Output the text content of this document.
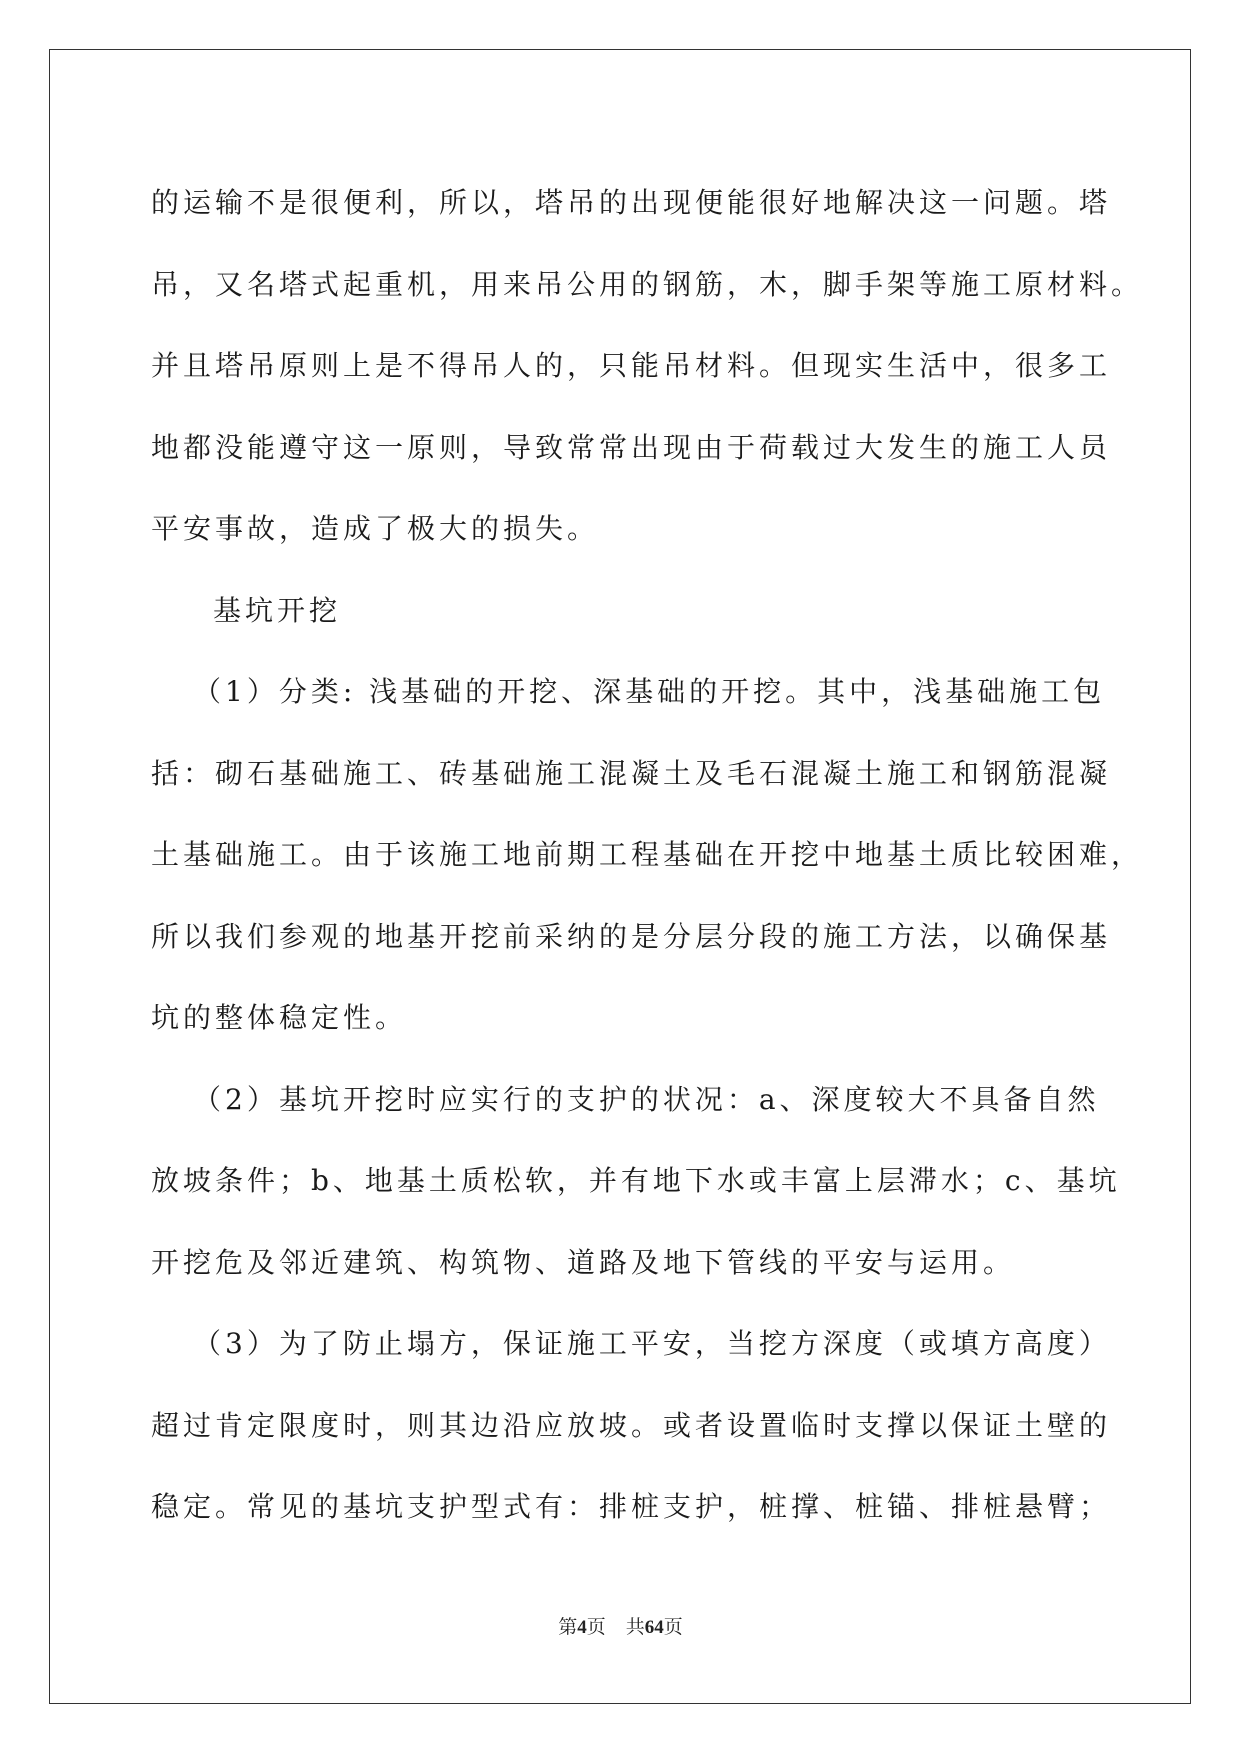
的运输不是很便利，所以，塔吊的出现便能很好地解决这一问题。塔
吊，又名塔式起重机，用来吊公用的钢筋，木，脚手架等施工原材料。
并且塔吊原则上是不得吊人的，只能吊材料。但现实生活中，很多工
地都没能遵守这一原则，导致常常出现由于荷载过大发生的施工人员
平安事故，造成了极大的损失。
基坑开挖
（1）分类: 浅基础的开挖、深基础的开挖。其中，浅基础施工包
括：砌石基础施工、砖基础施工混凝土及毛石混凝土施工和钢筋混凝
土基础施工。由于该施工地前期工程基础在开挖中地基土质比较困难，
所以我们参观的地基开挖前采纳的是分层分段的施工方法，以确保基
坑的整体稳定性。
（2）基坑开挖时应实行的支护的状况：a、深度较大不具备自然
放坡条件；b、地基土质松软，并有地下水或丰富上层滞水；c、基坑
开挖危及邻近建筑、构筑物、道路及地下管线的平安与运用。
（3）为了防止塌方，保证施工平安，当挖方深度（或填方高度）
超过肯定限度时，则其边沿应放坡。或者设置临时支撑以保证土壁的
稳定。常见的基坑支护型式有：排桩支护，桩撑、桩锚、排桩悬臂；
第4页 共64页
